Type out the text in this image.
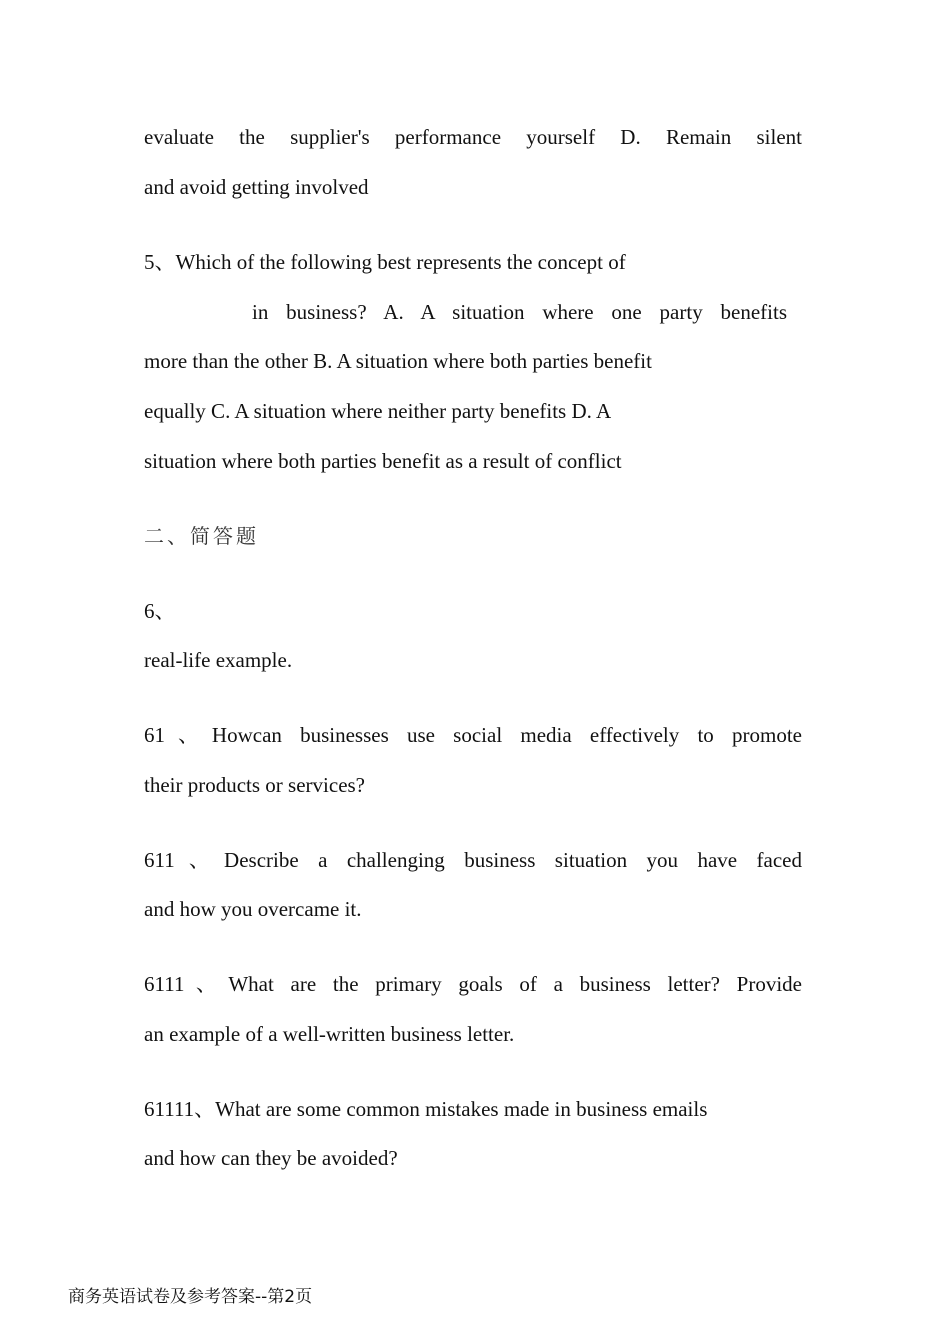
evaluate the supplier's performance yourself D. Remain silent
and avoid getting involved
5、Which of the following best represents the concept of
in business? A. A situation where one party benefits
more than the other B. A situation where both parties benefit
equally C. A situation where neither party benefits D. A
situation where both parties benefit as a result of conflict
二、简答题
6、
real-life example.
61、Howcan businesses use social media effectively to promote
their products or services?
611、Describe a challenging business situation you have faced
and how you overcame it.
6111、What are the primary goals of a business letter? Provide
an example of a well-written business letter.
61111、What are some common mistakes made in business emails
and how can they be avoided?
商务英语试卷及参考答案--第2页
